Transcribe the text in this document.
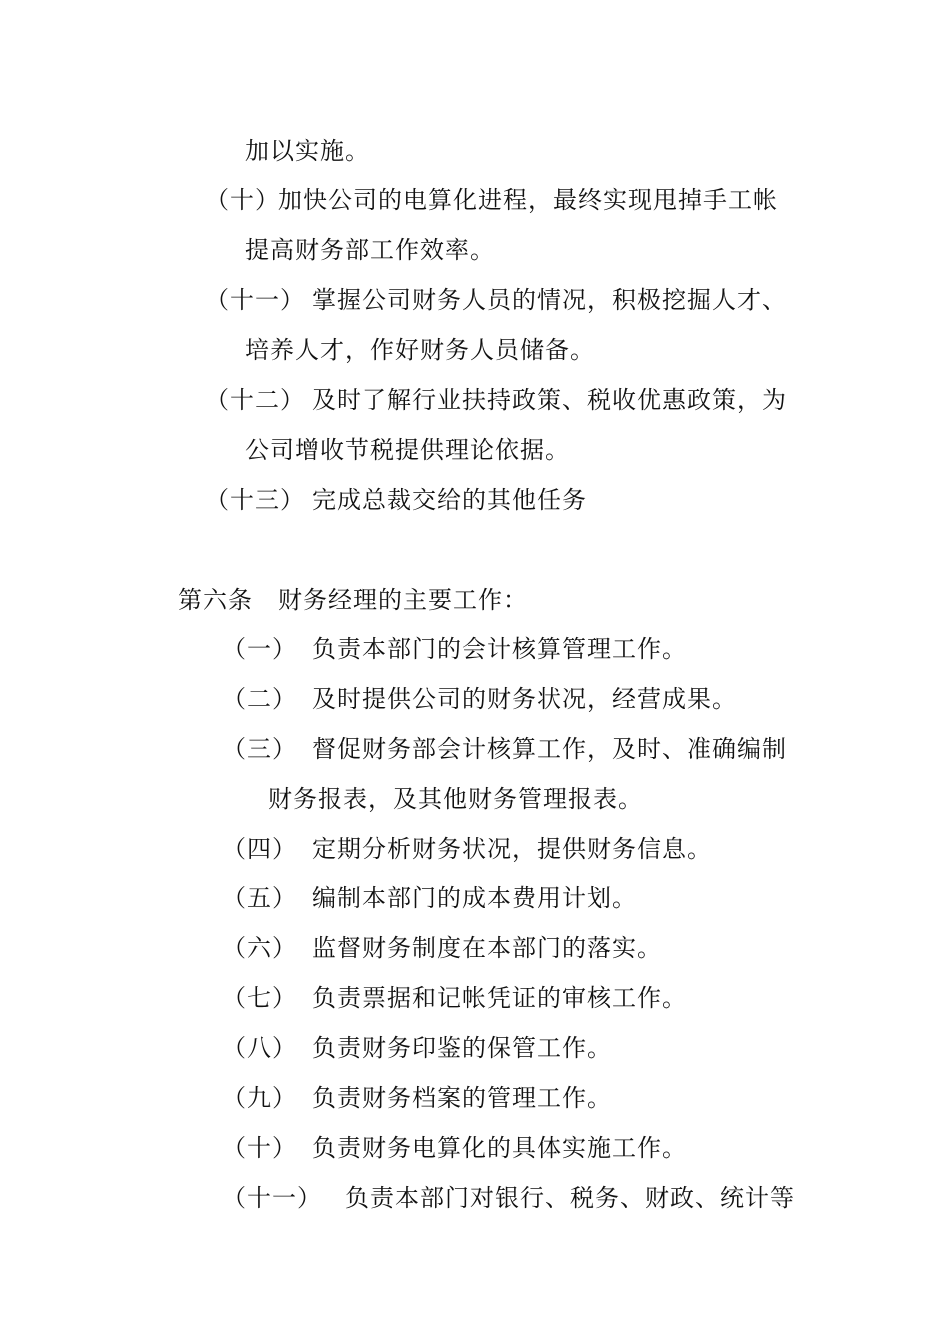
加以实施。
（十）
加快公司的电算化进程，最终实现甩掉手工帐
提高财务部工作效率。
（十一） 掌握公司财务人员的情况，积极挖掘人才、
培养人才，作好财务人员储备。
（十二） 及时了解行业扶持政策、税收优惠政策，为
公司增收节税提供理论依据。
（十三） 完成总裁交给的其他任务
第六条　财务经理的主要工作：
（一） 负责本部门的会计核算管理工作。
（二） 及时提供公司的财务状况，经营成果。
（三） 督促财务部会计核算工作，及时、准确编制
财务报表，及其他财务管理报表。
（四） 定期分析财务状况，提供财务信息。
（五） 编制本部门的成本费用计划。
（六） 监督财务制度在本部门的落实。
（七） 负责票据和记帐凭证的审核工作。
（八） 负责财务印鉴的保管工作。
（九） 负责财务档案的管理工作。
（十） 负责财务电算化的具体实施工作。
（十一） 负责本部门对银行、税务、财政、统计等
